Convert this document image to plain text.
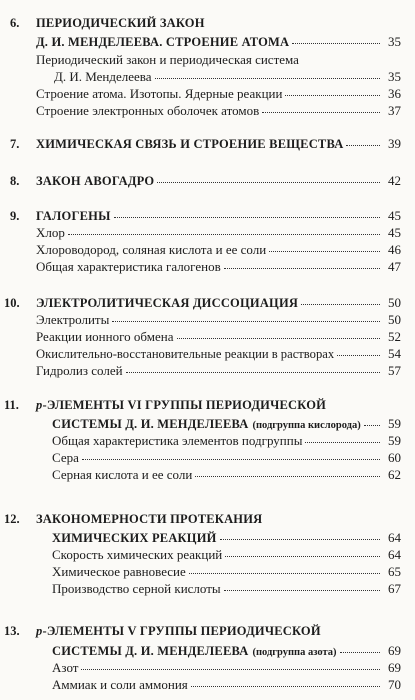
6.	ПЕРИОДИЧЕСКИЙ ЗАКОН
Д. И. МЕНДЕЛЕЕВА. СТРОЕНИЕ АТОМА	35
Периодический закон и периодическая система
Д. И. Менделеева	35
Строение атома. Изотопы. Ядерные реакции	36
Строение электронных оболочек атомов	37
7.	ХИМИЧЕСКАЯ СВЯЗЬ И СТРОЕНИЕ ВЕЩЕСТВА	39
8.	ЗАКОН АВОГАДРО	42
9.	ГАЛОГЕНЫ	45
Хлор	45
Хлороводород, соляная кислота и ее соли	46
Общая характеристика галогенов	47
10.	ЭЛЕКТРОЛИТИЧЕСКАЯ ДИССОЦИАЦИЯ	50
Электролиты	50
Реакции ионного обмена	52
Окислительно-восстановительные реакции в растворах	54
Гидролиз солей	57
11.	p -ЭЛЕМЕНТЫ VI ГРУППЫ ПЕРИОДИЧЕСКОЙ
СИСТЕМЫ Д. И. МЕНДЕЛЕЕВА (подгруппа кислорода)	59
Общая характеристика элементов подгруппы	59
Сера	60
Серная кислота и ее соли	62
12.	ЗАКОНОМЕРНОСТИ ПРОТЕКАНИЯ
ХИМИЧЕСКИХ РЕАКЦИЙ	64
Скорость химических реакций	64
Химическое равновесие	65
Производство серной кислоты	67
13.	p -ЭЛЕМЕНТЫ V ГРУППЫ ПЕРИОДИЧЕСКОЙ
СИСТЕМЫ Д. И. МЕНДЕЛЕЕВА (подгруппа азота)	69
Азот	69
Аммиак и соли аммония	70
